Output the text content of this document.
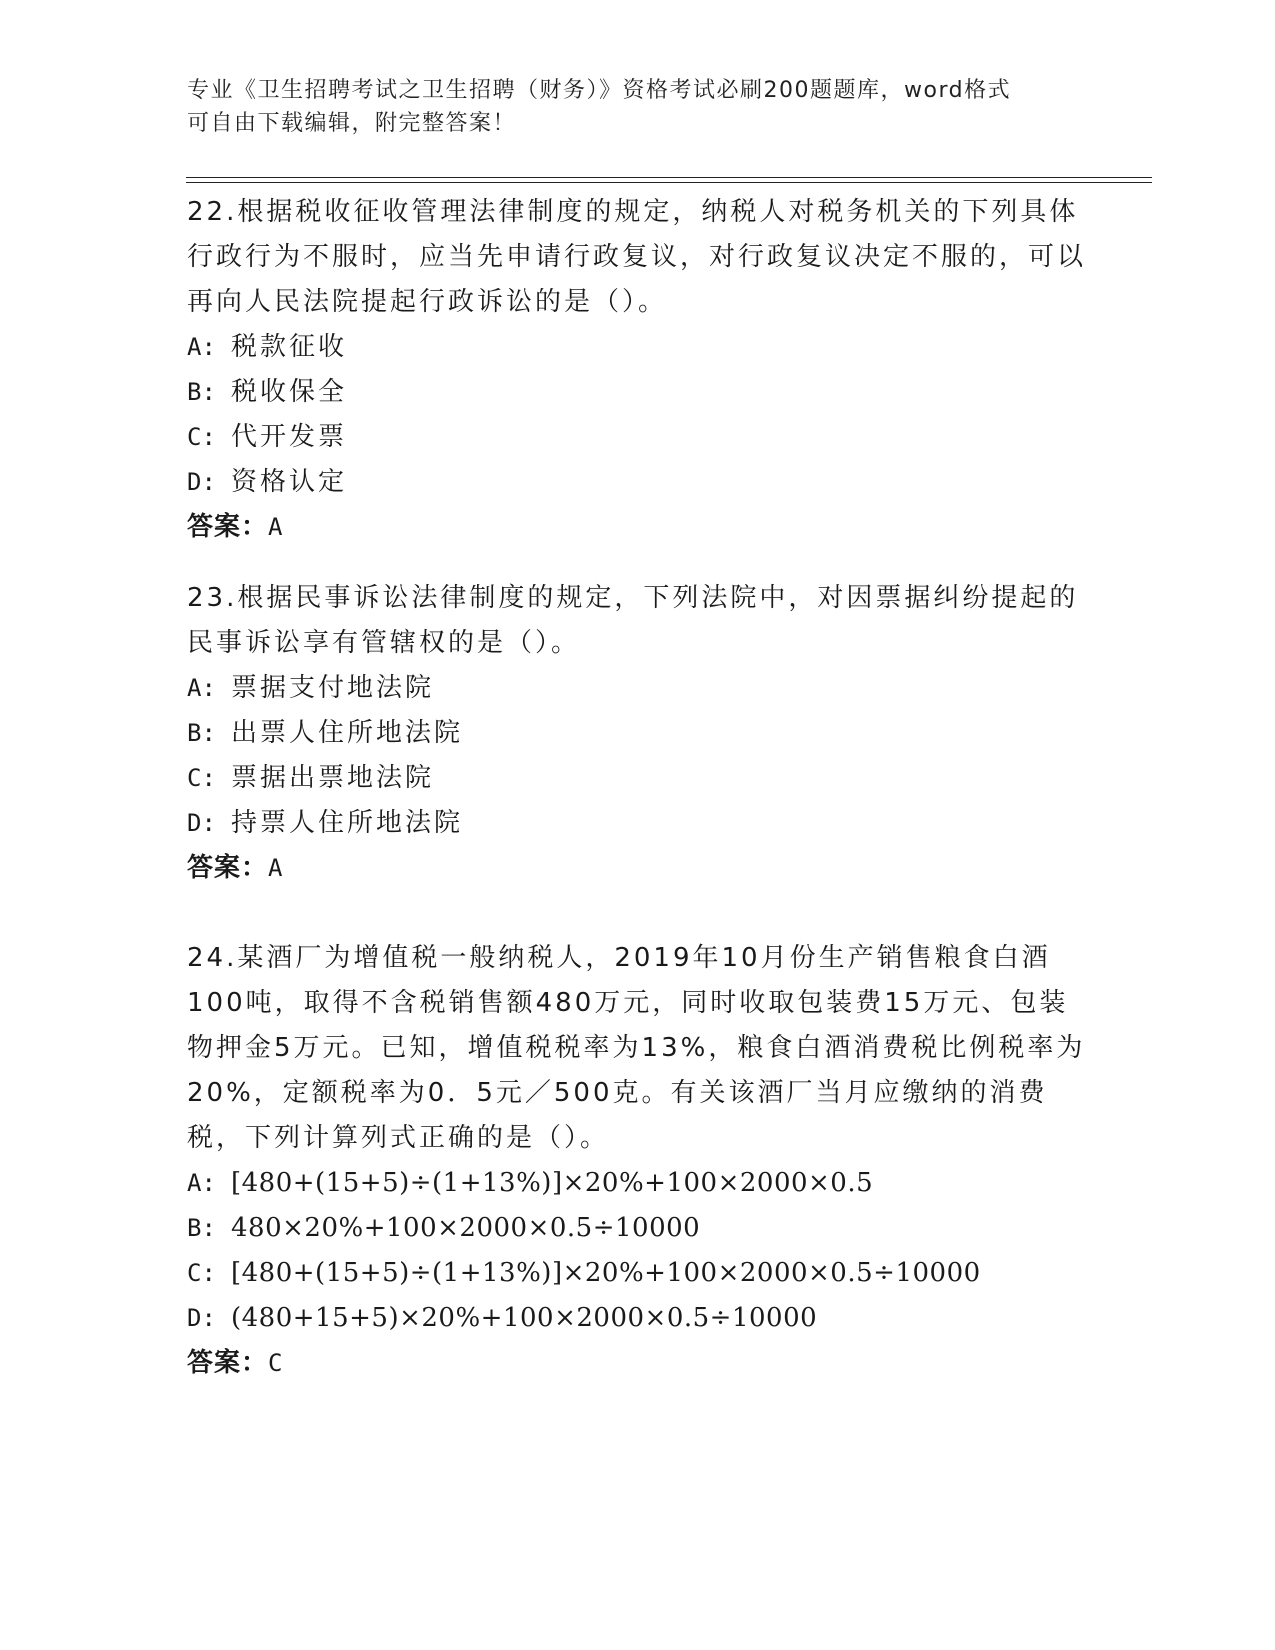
专业《卫生招聘考试之卫生招聘（财务）》资格考试必刷200题题库，word格式
可自由下载编辑，附完整答案！

22.根据税收征收管理法律制度的规定，纳税人对税务机关的下列具体行政行为不服时，应当先申请行政复议，对行政复议决定不服的，可以再向人民法院提起行政诉讼的是（）。

A: 税款征收

B: 税收保全

C: 代开发票

D: 资格认定

答案：A

23.根据民事诉讼法律制度的规定，下列法院中，对因票据纠纷提起的民事诉讼享有管辖权的是（）。

A: 票据支付地法院

B: 出票人住所地法院

C: 票据出票地法院

D: 持票人住所地法院

答案：A

24.某酒厂为增值税一般纳税人，2019年10月份生产销售粮食白酒100吨，取得不含税销售额480万元，同时收取包装费15万元、包装物押金5万元。已知，增值税税率为13%，粮食白酒消费税比例税率为20%，定额税率为0．5元／500克。有关该酒厂当月应缴纳的消费税，下列计算列式正确的是（）。

A: [480+(15+5)÷(1+13%)]×20%+100×2000×0.5

B: 480×20%+100×2000×0.5÷10000

C: [480+(15+5)÷(1+13%)]×20%+100×2000×0.5÷10000

D: (480+15+5)×20%+100×2000×0.5÷10000

答案：C
